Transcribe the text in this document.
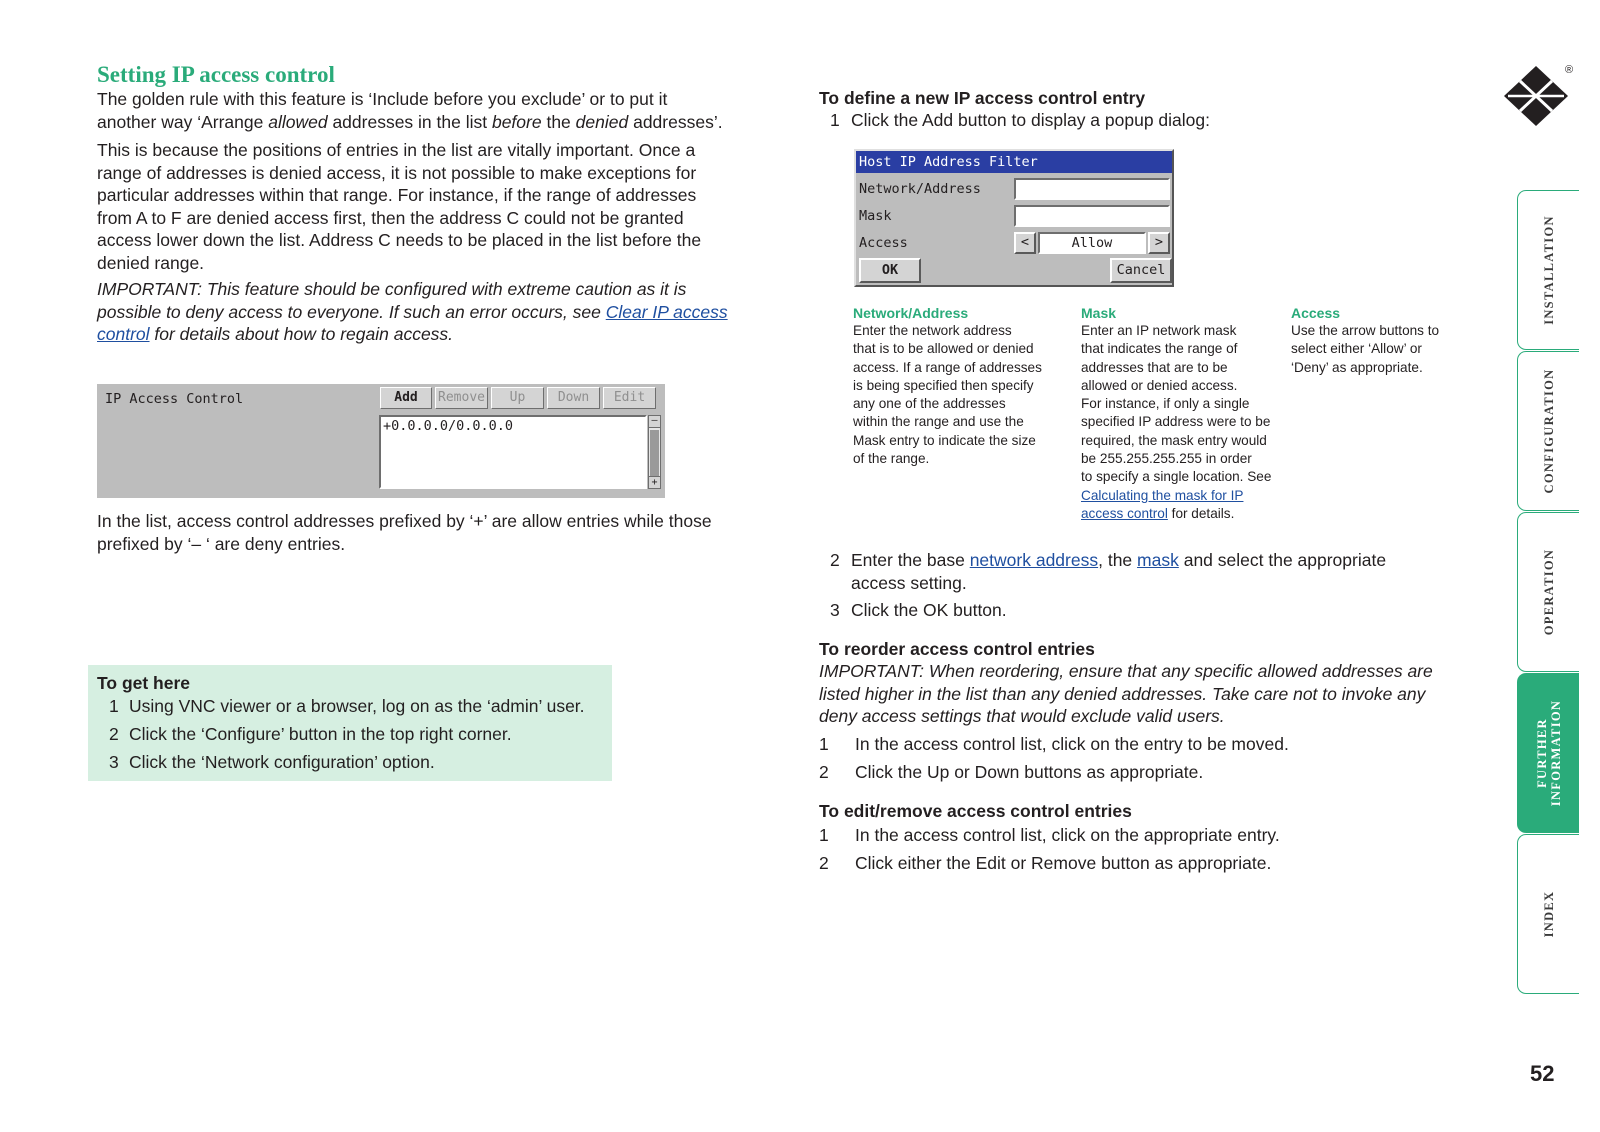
Setting IP access control
The golden rule with this feature is ‘Include before you exclude’ or to put it
another way ‘Arrange allowed addresses in the list before the denied addresses’.
This is because the positions of entries in the list are vitally important. Once a
range of addresses is denied access, it is not possible to make exceptions for
particular addresses within that range. For instance, if the range of addresses
from A to F are denied access first, then the address C could not be granted
access lower down the list. Address C needs to be placed in the list before the
denied range.
IMPORTANT: This feature should be configured with extreme caution as it is
possible to deny access to everyone. If such an error occurs, see Clear IP access
control for details about how to regain access.
IP Access Control	Add	Remove	Up	Down	Edit
+0.0.0.0/0.0.0.0	–
+
In the list, access control addresses prefixed by ‘+’ are allow entries while those
prefixed by ‘– ‘ are deny entries.
To get here
1 Using VNC viewer or a browser, log on as the ‘admin’ user.
2 Click the ‘Configure’ button in the top right corner.
3 Click the ‘Network configuration’ option.
To define a new IP access control entry
1 Click the Add button to display a popup dialog:
Host IP Address Filter
Network/Address
Mask
Access	<	Allow	>
OK	Cancel
Network/Address
Enter the network address
that is to be allowed or denied
access. If a range of addresses
is being specified then specify
any one of the addresses
within the range and use the
Mask entry to indicate the size
of the range.
Mask
Enter an IP network mask
that indicates the range of
addresses that are to be
allowed or denied access.
For instance, if only a single
specified IP address were to be
required, the mask entry would
be 255.255.255.255 in order
to specify a single location. See
Calculating the mask for IP
access control for details.
Access
Use the arrow buttons to
select either ‘Allow’ or
‘Deny’ as appropriate.
2 Enter the base network address, the mask and select the appropriate
access setting.
3 Click the OK button.
To reorder access control entries
IMPORTANT: When reordering, ensure that any specific allowed addresses are
listed higher in the list than any denied addresses. Take care not to invoke any
deny access settings that would exclude valid users.
1 In the access control list, click on the entry to be moved.
2 Click the Up or Down buttons as appropriate.
To edit/remove access control entries
1 In the access control list, click on the appropriate entry.
2 Click either the Edit or Remove button as appropriate.
®
INSTALLATION
CONFIGURATION
OPERATION
FURTHER INFORMATION
INDEX
52
